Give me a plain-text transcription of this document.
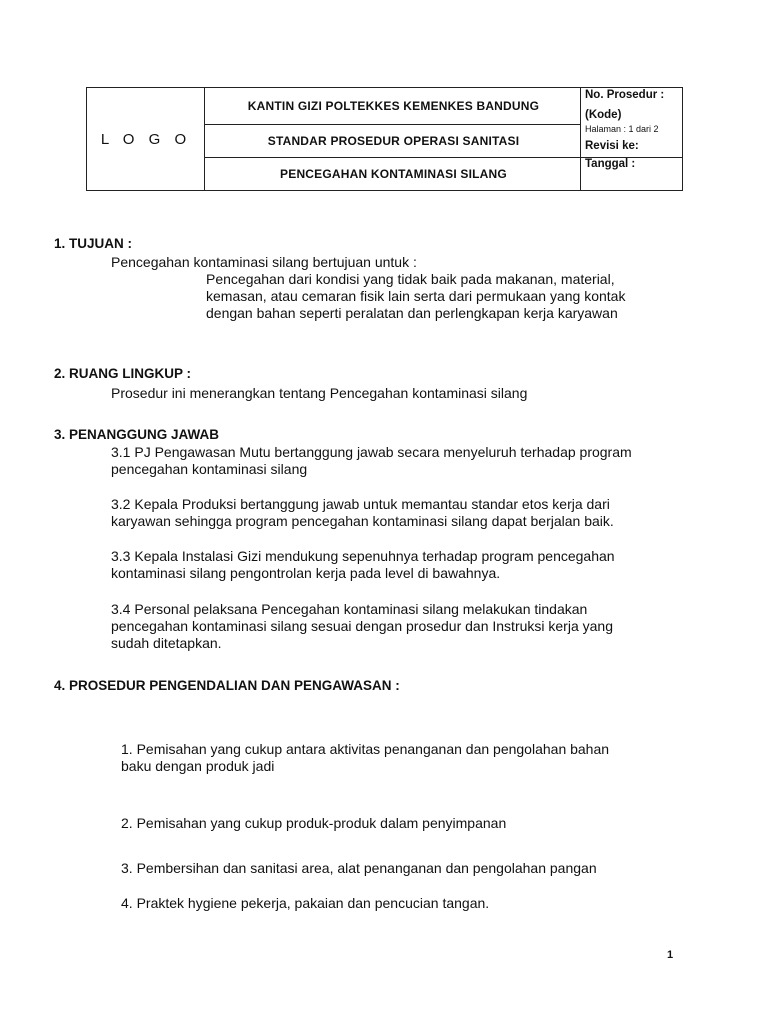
L O G O
KANTIN GIZI POLTEKKES KEMENKES BANDUNG
STANDAR PROSEDUR OPERASI SANITASI
PENCEGAHAN KONTAMINASI SILANG
No. Prosedur :
(Kode)
Halaman : 1 dari 2
Revisi ke:
Tanggal :
1. TUJUAN :
Pencegahan kontaminasi silang bertujuan untuk :
Pencegahan dari kondisi yang tidak baik pada makanan, material,
kemasan, atau cemaran fisik lain serta dari permukaan yang kontak
dengan bahan seperti peralatan dan perlengkapan kerja karyawan
2. RUANG LINGKUP :
Prosedur ini menerangkan tentang Pencegahan kontaminasi silang
3. PENANGGUNG JAWAB
3.1 PJ Pengawasan Mutu bertanggung jawab secara menyeluruh terhadap program
pencegahan kontaminasi silang
3.2 Kepala Produksi bertanggung jawab untuk memantau standar etos kerja dari
karyawan sehingga program pencegahan kontaminasi silang dapat berjalan baik.
3.3 Kepala Instalasi Gizi mendukung sepenuhnya terhadap program pencegahan
kontaminasi silang pengontrolan kerja pada level di bawahnya.
3.4 Personal pelaksana Pencegahan kontaminasi silang melakukan tindakan
pencegahan kontaminasi silang sesuai dengan prosedur dan Instruksi kerja yang
sudah ditetapkan.
4. PROSEDUR PENGENDALIAN DAN PENGAWASAN :
1. Pemisahan yang cukup antara aktivitas penanganan dan pengolahan bahan
baku dengan produk jadi
2. Pemisahan yang cukup produk-produk dalam penyimpanan
3. Pembersihan dan sanitasi area, alat penanganan dan pengolahan pangan
4. Praktek hygiene pekerja, pakaian dan pencucian tangan.
1
